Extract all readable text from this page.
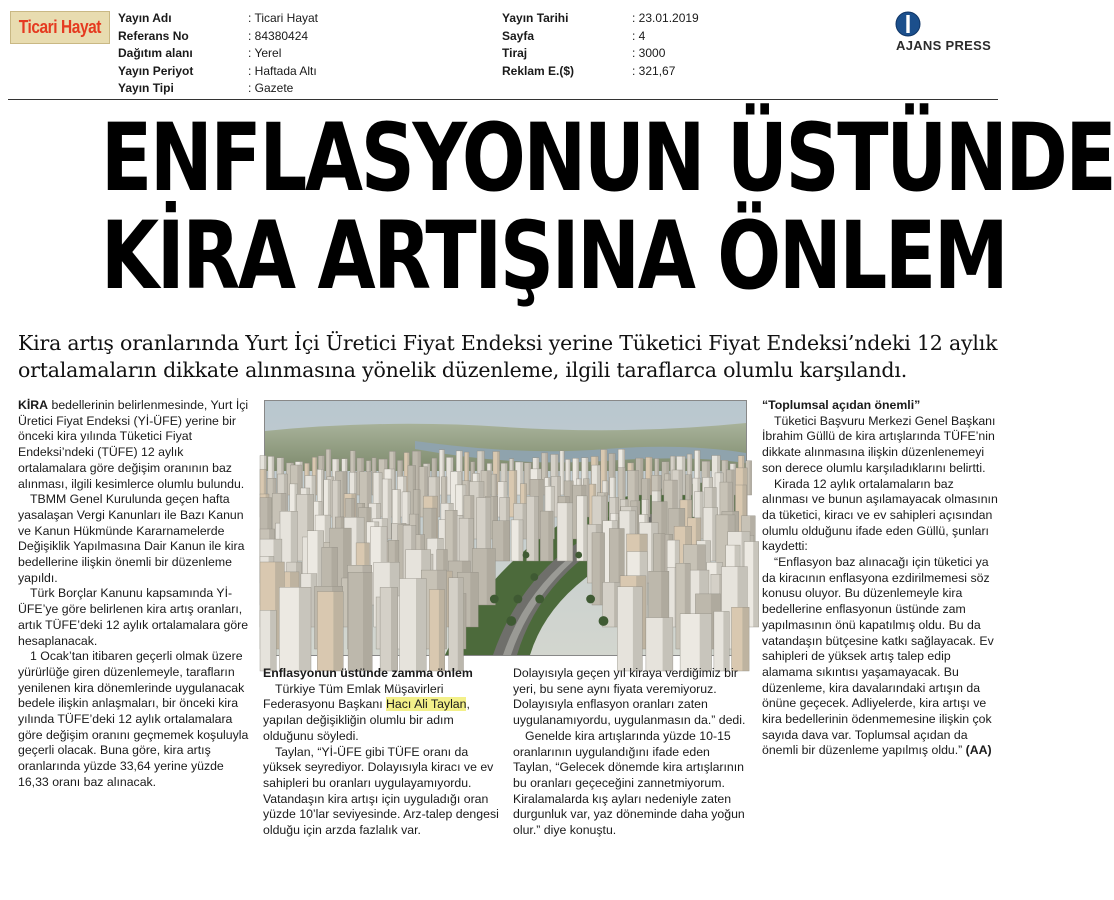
Ticari Hayat Yayın Adı	: Ticari Hayat
Referans No	: 84380424
Dağıtım alanı	: Yerel
Yayın Periyot	: Haftada Altı
Yayın Tipi	: Gazete
Yayın Tarihi	: 23.01.2019
Sayfa	: 4
Tiraj	: 3000
Reklam E.($)	: 321,67
AJANS PRESS
ENFLASYONUN ÜSTÜNDE
KİRA ARTIŞINA ÖNLEM
Kira artış oranlarında Yurt İçi Üretici Fiyat Endeksi yerine Tüketici Fiyat Endeksi’ndeki 12 aylık ortalamaların dikkate alınmasına yönelik düzenleme, ilgili taraflarca olumlu karşılandı.

KİRA bedellerinin belirlenmesinde, Yurt İçi Üretici Fiyat Endeksi (Yİ-ÜFE) yerine bir önceki kira yılında Tüketici Fiyat Endeksi’ndeki (TÜFE) 12 aylık ortalamalara göre değişim oranının baz alınması, ilgili kesimlerce olumlu bulundu.

TBMM Genel Kurulunda geçen hafta yasalaşan Vergi Kanunları ile Bazı Kanun ve Kanun Hükmünde Kararnamelerde Değişiklik Yapılmasına Dair Kanun ile kira bedellerine ilişkin önemli bir düzenleme yapıldı.

Türk Borçlar Kanunu kapsamında Yİ-ÜFE’ye göre belirlenen kira artış oranları, artık TÜFE’deki 12 aylık ortalamalara göre hesaplanacak.

1 Ocak’tan itibaren geçerli olmak üzere yürürlüğe giren düzenlemeyle, tarafların yenilenen kira dönemlerinde uygulanacak bedele ilişkin anlaşmaları, bir önceki kira yılında TÜFE’deki 12 aylık ortalamalara göre değişim oranını geçmemek koşuluyla geçerli olacak. Buna göre, kira artış oranlarında yüzde 33,64 yerine yüzde 16,33 oranı baz alınacak.

Enflasyonun üstünde zamma önlem

Türkiye Tüm Emlak Müşavirleri Federasyonu Başkanı Hacı Ali Taylan, yapılan değişikliğin olumlu bir adım olduğunu söyledi.

Taylan, “Yİ-ÜFE gibi TÜFE oranı da yüksek seyrediyor. Dolayısıyla kiracı ve ev sahipleri bu oranları uygulayamıyordu. Vatandaşın kira artışı için uyguladığı oran yüzde 10’lar seviyesinde. Arz-talep dengesi olduğu için arzda fazlalık var.

Dolayısıyla geçen yıl kiraya verdiğimiz bir yeri, bu sene aynı fiyata veremiyoruz. Dolayısıyla enflasyon oranları zaten uygulanamıyordu, uygulanmasın da.” dedi.

Genelde kira artışlarında yüzde 10-15 oranlarının uygulandığını ifade eden Taylan, “Gelecek dönemde kira artışlarının bu oranları geçeceğini zannetmiyorum. Kiralamalarda kış ayları nedeniyle zaten durgunluk var, yaz döneminde daha yoğun olur.” diye konuştu.

“Toplumsal açıdan önemli”

Tüketici Başvuru Merkezi Genel Başkanı İbrahim Güllü de kira artışlarında TÜFE’nin dikkate alınmasına ilişkin düzenlenemeyi son derece olumlu karşıladıklarını belirtti.

Kirada 12 aylık ortalamaların baz alınması ve bunun aşılamayacak olmasının da tüketici, kiracı ve ev sahipleri açısından olumlu olduğunu ifade eden Güllü, şunları kaydetti:

“Enflasyon baz alınacağı için tüketici ya da kiracının enflasyona ezdirilmemesi söz konusu oluyor. Bu düzenlemeyle kira bedellerine enflasyonun üstünde zam yapılmasının önü kapatılmış oldu. Bu da vatandaşın bütçesine katkı sağlayacak. Ev sahipleri de yüksek artış talep edip alamama sıkıntısı yaşamayacak. Bu düzenleme, kira davalarındaki artışın da önüne geçecek. Adliyelerde, kira artışı ve kira bedellerinin ödenmemesine ilişkin çok sayıda dava var. Toplumsal açıdan da önemli bir düzenleme yapılmış oldu.” (AA)
